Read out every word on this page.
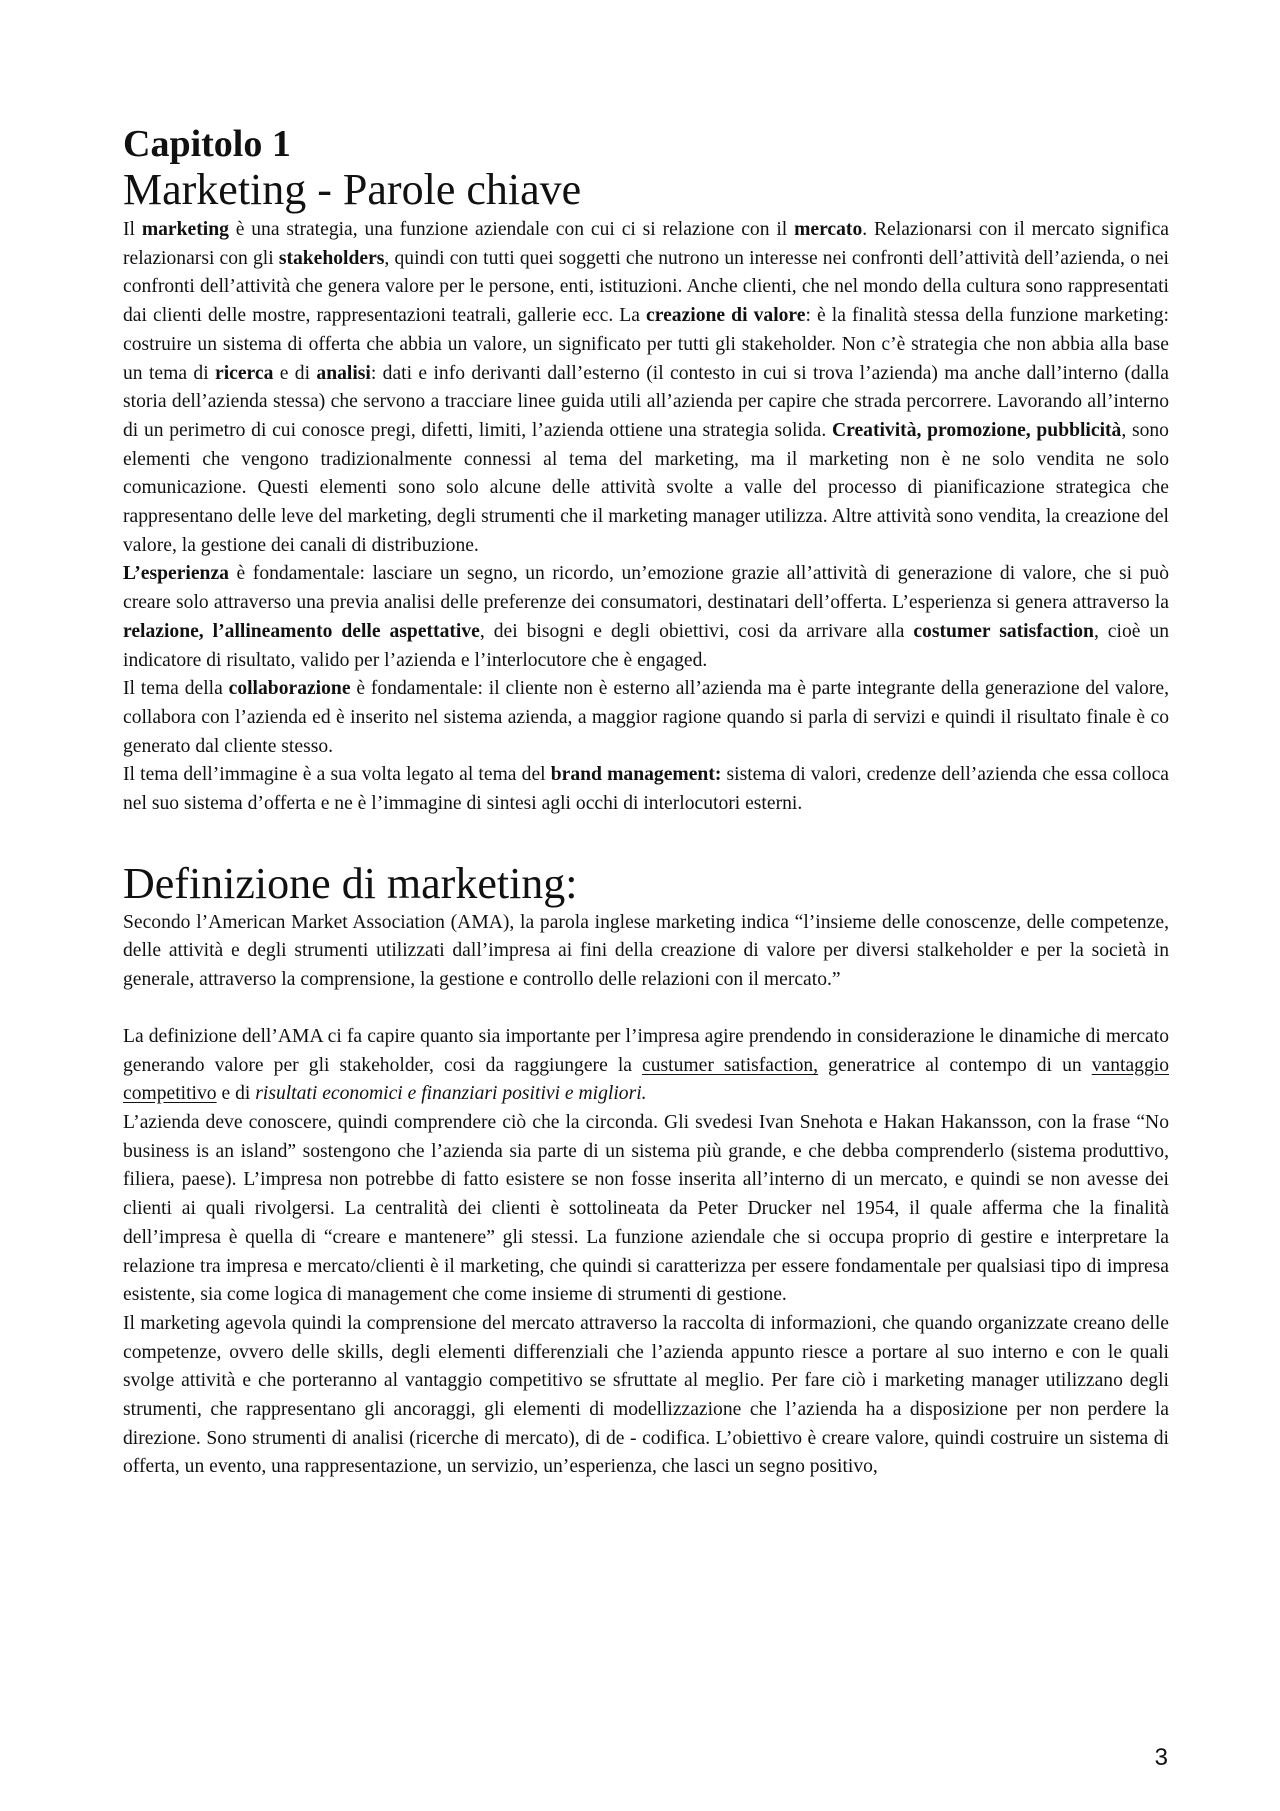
Capitolo 1
Marketing - Parole chiave

Il marketing è una strategia, una funzione aziendale con cui ci si relazione con il mercato. Relazionarsi con il mercato significa relazionarsi con gli stakeholders, quindi con tutti quei soggetti che nutrono un interesse nei confronti dell’attività dell’azienda, o nei confronti dell’attività che genera valore per le persone, enti, istituzioni. Anche clienti, che nel mondo della cultura sono rappresentati dai clienti delle mostre, rappresentazioni teatrali, gallerie ecc. La creazione di valore: è la finalità stessa della funzione marketing: costruire un sistema di offerta che abbia un valore, un significato per tutti gli stakeholder. Non c’è strategia che non abbia alla base un tema di ricerca e di analisi: dati e info derivanti dall’esterno (il contesto in cui si trova l’azienda) ma anche dall’interno (dalla storia dell’azienda stessa) che servono a tracciare linee guida utili all’azienda per capire che strada percorrere. Lavorando all’interno di un perimetro di cui conosce pregi, difetti, limiti, l’azienda ottiene una strategia solida. Creatività, promozione, pubblicità, sono elementi che vengono tradizionalmente connessi al tema del marketing, ma il marketing non è ne solo vendita ne solo comunicazione. Questi elementi sono solo alcune delle attività svolte a valle del processo di pianificazione strategica che rappresentano delle leve del marketing, degli strumenti che il marketing manager utilizza. Altre attività sono vendita, la creazione del valore, la gestione dei canali di distribuzione.

L’esperienza è fondamentale: lasciare un segno, un ricordo, un’emozione grazie all’attività di generazione di valore, che si può creare solo attraverso una previa analisi delle preferenze dei consumatori, destinatari dell’offerta. L’esperienza si genera attraverso la relazione, l’allineamento delle aspettative, dei bisogni e degli obiettivi, cosi da arrivare alla costumer satisfaction, cioè un indicatore di risultato, valido per l’azienda e l’interlocutore che è engaged.

Il tema della collaborazione è fondamentale: il cliente non è esterno all’azienda ma è parte integrante della generazione del valore, collabora con l’azienda ed è inserito nel sistema azienda, a maggior ragione quando si parla di servizi e quindi il risultato finale è co generato dal cliente stesso.

Il tema dell’immagine è a sua volta legato al tema del brand management: sistema di valori, credenze dell’azienda che essa colloca nel suo sistema d’offerta e ne è l’immagine di sintesi agli occhi di interlocutori esterni.

Definizione di marketing:

Secondo l’American Market Association (AMA), la parola inglese marketing indica “l’insieme delle conoscenze, delle competenze, delle attività e degli strumenti utilizzati dall’impresa ai fini della creazione di valore per diversi stalkeholder e per la società in generale, attraverso la comprensione, la gestione e controllo delle relazioni con il mercato.”

La definizione dell’AMA ci fa capire quanto sia importante per l’impresa agire prendendo in considerazione le dinamiche di mercato generando valore per gli stakeholder, cosi da raggiungere la custumer satisfaction, generatrice al contempo di un vantaggio competitivo e di risultati economici e finanziari positivi e migliori.

L’azienda deve conoscere, quindi comprendere ciò che la circonda. Gli svedesi Ivan Snehota e Hakan Hakansson, con la frase “No business is an island” sostengono che l’azienda sia parte di un sistema più grande, e che debba comprenderlo (sistema produttivo, filiera, paese). L’impresa non potrebbe di fatto esistere se non fosse inserita all’interno di un mercato, e quindi se non avesse dei clienti ai quali rivolgersi. La centralità dei clienti è sottolineata da Peter Drucker nel 1954, il quale afferma che la finalità dell’impresa è quella di “creare e mantenere” gli stessi. La funzione aziendale che si occupa proprio di gestire e interpretare la relazione tra impresa e mercato/clienti è il marketing, che quindi si caratterizza per essere fondamentale per qualsiasi tipo di impresa esistente, sia come logica di management che come insieme di strumenti di gestione.

Il marketing agevola quindi la comprensione del mercato attraverso la raccolta di informazioni, che quando organizzate creano delle competenze, ovvero delle skills, degli elementi differenziali che l’azienda appunto riesce a portare al suo interno e con le quali svolge attività e che porteranno al vantaggio competitivo se sfruttate al meglio. Per fare ciò i marketing manager utilizzano degli strumenti, che rappresentano gli ancoraggi, gli elementi di modellizzazione che l’azienda ha a disposizione per non perdere la direzione. Sono strumenti di analisi (ricerche di mercato), di de - codifica. L’obiettivo è creare valore, quindi costruire un sistema di offerta, un evento, una rappresentazione, un servizio, un’esperienza, che lasci un segno positivo,

3
